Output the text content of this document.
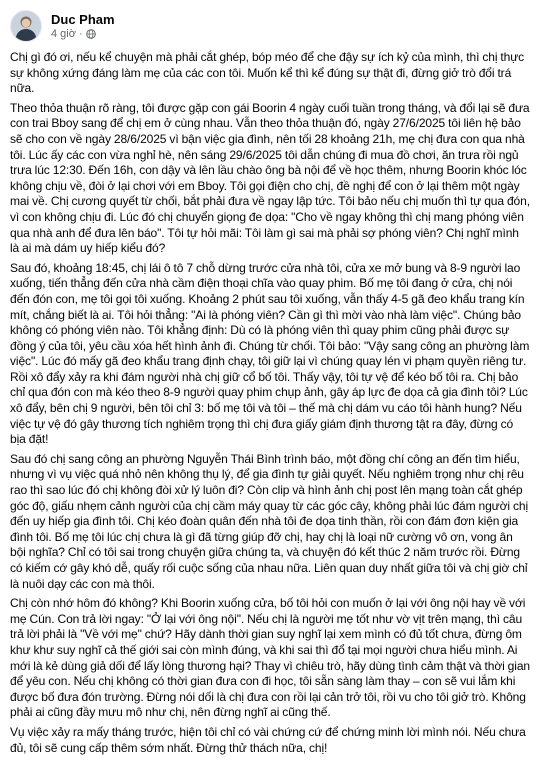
Duc Pham
4 giờ ·

Chị gì đó ơi, nếu kể chuyện mà phải cắt ghép, bóp méo để che đậy sự ích kỷ của mình, thì chị thực sự không xứng đáng làm mẹ của các con tôi. Muốn kể thì kể đúng sự thật đi, đừng giở trò đổi trá nữa.

Theo thỏa thuận rõ ràng, tôi được gặp con gái Boorin 4 ngày cuối tuần trong tháng, và đổi lại sẽ đưa con trai Bboy sang để chị em ở cùng nhau. Vẫn theo thỏa thuận đó, ngày 27/6/2025 tôi liên hệ bảo sẽ cho con về ngày 28/6/2025 vì bận việc gia đình, nên tối 28 khoảng 21h, mẹ chị đưa con qua nhà tôi. Lúc ấy các con vừa nghỉ hè, nên sáng 29/6/2025 tôi dẫn chúng đi mua đồ chơi, ăn trưa rồi ngủ trưa lúc 12:30. Đến 16h, con dậy và lên lầu chào ông bà nội để về học thêm, nhưng Boorin khóc lóc không chịu về, đòi ở lại chơi với em Bboy. Tôi gọi điện cho chị, đề nghị để con ở lại thêm một ngày mai về. Chị cương quyết từ chối, bắt phải đưa về ngay lập tức. Tôi bảo nếu chị muốn thì tự qua đón, vì con không chịu đi. Lúc đó chị chuyển giọng đe dọa: "Cho về ngay không thì chị mang phóng viên qua nhà anh để đưa lên báo". Tôi tự hỏi mãi: Tôi làm gì sai mà phải sợ phóng viên? Chị nghĩ mình là ai mà dám uy hiếp kiểu đó?

Sau đó, khoảng 18:45, chị lái ô tô 7 chỗ dừng trước cửa nhà tôi, cửa xe mở bung và 8-9 người lao xuống, tiến thẳng đến cửa nhà cầm điện thoại chĩa vào quay phim. Bố mẹ tôi đang ở cửa, chị nói đến đón con, mẹ tôi gọi tôi xuống. Khoảng 2 phút sau tôi xuống, vẫn thấy 4-5 gã đeo khẩu trang kín mít, chắng biết là ai. Tôi hỏi thẳng: "Ai là phóng viên? Cần gì thì mời vào nhà làm việc". Chúng bảo không có phóng viên nào. Tôi khẳng định: Dù có là phóng viên thì quay phim cũng phải được sự đồng ý của tôi, yêu cầu xóa hết hình ảnh đi. Chúng từ chối. Tôi bảo: "Vậy sang công an phường làm việc". Lúc đó mấy gã đeo khẩu trang định chạy, tôi giữ lại vì chúng quay lén vi phạm quyền riêng tư. Rồi xô đẩy xảy ra khi đám người nhà chị giữ cổ bố tôi. Thấy vậy, tôi tự vệ để kéo bố tôi ra. Chị bảo chỉ qua đón con mà kéo theo 8-9 người quay phim chụp ảnh, gây áp lực đe dọa cả gia đình tôi? Lúc xô đẩy, bên chị 9 người, bên tôi chỉ 3: bố mẹ tôi và tôi – thế mà chị dám vu cáo tôi hành hung? Nếu việc tự vệ đó gây thương tích nghiêm trọng thì chị đưa giấy giám định thương tật ra đây, đừng có bịa đặt!

Sau đó chị sang công an phường Nguyễn Thái Bình trình báo, một đồng chí công an đến tìm hiểu, nhưng vì vụ việc quá nhỏ nên không thụ lý, để gia đình tự giải quyết. Nếu nghiêm trọng như chị rêu rao thì sao lúc đó chị không đòi xử lý luôn đi? Còn clip và hình ảnh chị post lên mạng toàn cắt ghép góc độ, giấu nhẹm cảnh người của chị cầm máy quay từ các góc cây, không phải lúc đám người chị đến uy hiếp gia đình tôi. Chị kéo đoàn quân đến nhà tôi đe dọa tinh thần, rồi con đám đơn kiện gia đình tôi. Bố mẹ tôi lúc chị chưa là gì đã từng giúp đỡ chị, hay chị là loại nữ cường vô ơn, vong ân bội nghĩa? Chỉ có tôi sai trong chuyện giữa chúng ta, và chuyện đó kết thúc 2 năm trước rồi. Đừng có kiếm cớ gây khó dễ, quấy rối cuộc sống của nhau nữa. Liên quan duy nhất giữa tôi và chị giờ chỉ là nuôi dạy các con mà thôi.

Chị còn nhớ hôm đó không? Khi Boorin xuống cửa, bố tôi hỏi con muốn ở lại với ông nội hay về với mẹ Cún. Con trả lời ngay: "Ở lại với ông nội". Nếu chị là người mẹ tốt như vờ vịt trên mạng, thì câu trả lời phải là "Về với mẹ" chứ? Hãy dành thời gian suy nghĩ lại xem mình có đủ tốt chưa, đừng ôm khư khư suy nghĩ cả thế giới sai còn mình đúng, và khi sai thì đổ tại mọi người chưa hiểu mình. Ai mới là kẻ dùng giả dối để lấy lòng thương hại? Thay vì chiêu trò, hãy dùng tình cảm thật và thời gian để yêu con. Nếu chị không có thời gian đưa con đi học, tôi sẵn sàng làm thay – con sẽ vui lắm khi được bố đưa đón trường. Đừng nói dối là chị đưa con rồi lại cản trở tôi, rồi vu cho tôi giở trò. Không phải ai cũng đầy mưu mô như chị, nên đừng nghĩ ai cũng thế.

Vụ việc xảy ra mấy tháng trước, hiện tôi chỉ có vài chứng cứ để chứng minh lời mình nói. Nếu chưa đủ, tôi sẽ cung cấp thêm sớm nhất. Đừng thử thách nữa, chị!
